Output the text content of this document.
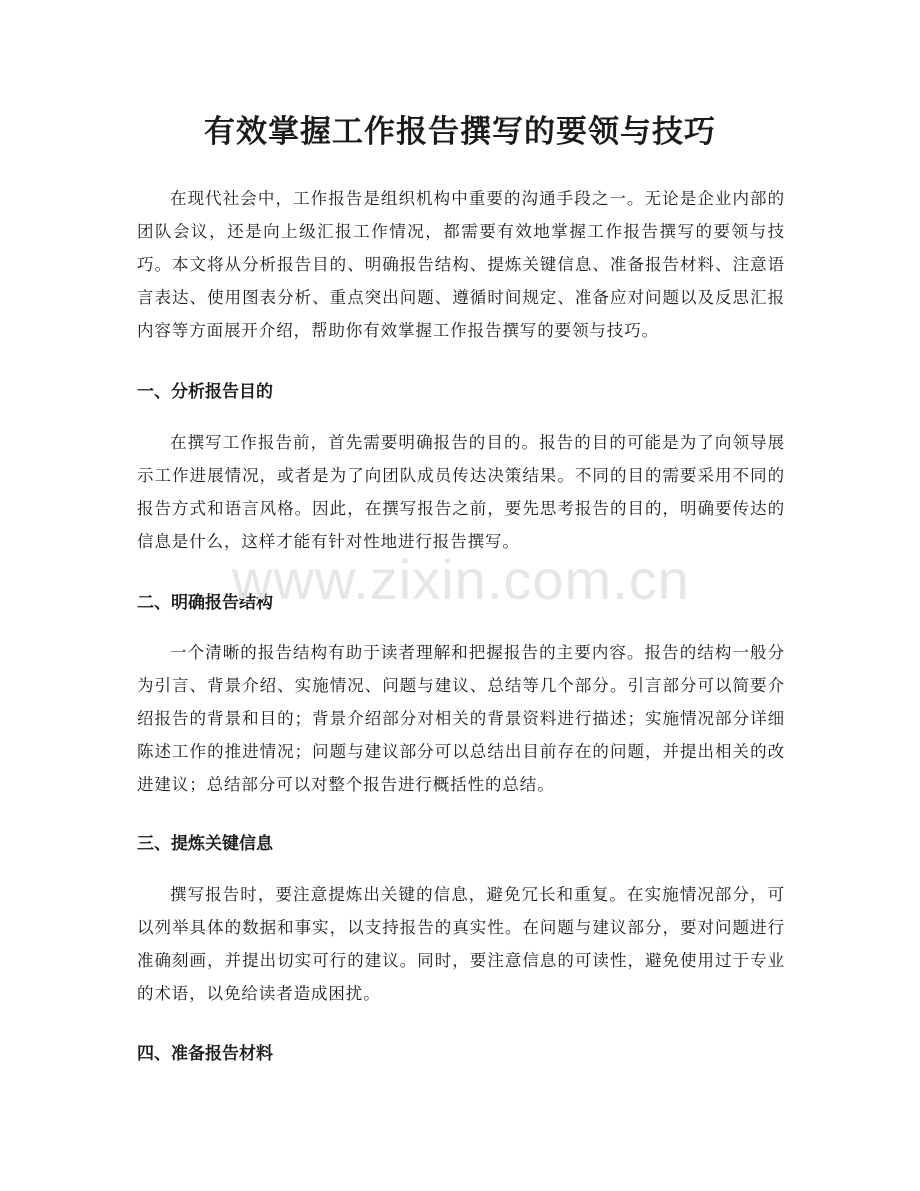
有效掌握工作报告撰写的要领与技巧

在现代社会中，工作报告是组织机构中重要的沟通手段之一。无论是企业内部的团队会议，还是向上级汇报工作情况，都需要有效地掌握工作报告撰写的要领与技巧。本文将从分析报告目的、明确报告结构、提炼关键信息、准备报告材料、注意语言表达、使用图表分析、重点突出问题、遵循时间规定、准备应对问题以及反思汇报内容等方面展开介绍，帮助你有效掌握工作报告撰写的要领与技巧。

一、分析报告目的

在撰写工作报告前，首先需要明确报告的目的。报告的目的可能是为了向领导展示工作进展情况，或者是为了向团队成员传达决策结果。不同的目的需要采用不同的报告方式和语言风格。因此，在撰写报告之前，要先思考报告的目的，明确要传达的信息是什么，这样才能有针对性地进行报告撰写。

二、明确报告结构

一个清晰的报告结构有助于读者理解和把握报告的主要内容。报告的结构一般分为引言、背景介绍、实施情况、问题与建议、总结等几个部分。引言部分可以简要介绍报告的背景和目的；背景介绍部分对相关的背景资料进行描述；实施情况部分详细陈述工作的推进情况；问题与建议部分可以总结出目前存在的问题，并提出相关的改进建议；总结部分可以对整个报告进行概括性的总结。

三、提炼关键信息

撰写报告时，要注意提炼出关键的信息，避免冗长和重复。在实施情况部分，可以列举具体的数据和事实，以支持报告的真实性。在问题与建议部分，要对问题进行准确刻画，并提出切实可行的建议。同时，要注意信息的可读性，避免使用过于专业的术语，以免给读者造成困扰。

四、准备报告材料
www.zixin.com.cn
